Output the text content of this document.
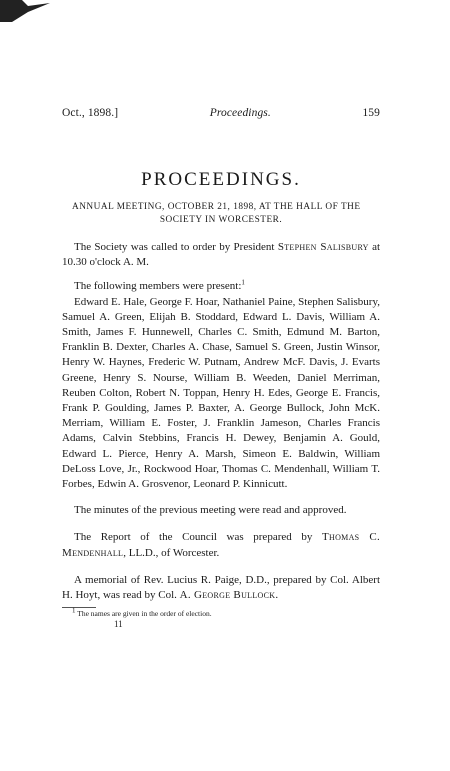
Oct., 1898.]	Proceedings.	159
PROCEEDINGS.
ANNUAL MEETING, OCTOBER 21, 1898, AT THE HALL OF THE
SOCIETY IN WORCESTER.

The Society was called to order by President Stephen Salisbury at 10.30 o'clock A. M.

The following members were present:$^1$

Edward E. Hale, George F. Hoar, Nathaniel Paine, Stephen Salisbury, Samuel A. Green, Elijah B. Stoddard, Edward L. Davis, William A. Smith, James F. Hunnewell, Charles C. Smith, Edmund M. Barton, Franklin B. Dexter, Charles A. Chase, Samuel S. Green, Justin Winsor, Henry W. Haynes, Frederic W. Putnam, Andrew McF. Davis, J. Evarts Greene, Henry S. Nourse, William B. Weeden, Daniel Merriman, Reuben Colton, Robert N. Toppan, Henry H. Edes, George E. Francis, Frank P. Goulding, James P. Baxter, A. George Bullock, John McK. Merriam, William E. Foster, J. Franklin Jameson, Charles Francis Adams, Calvin Stebbins, Francis H. Dewey, Benjamin A. Gould, Edward L. Pierce, Henry A. Marsh, Simeon E. Baldwin, William DeLoss Love, Jr., Rockwood Hoar, Thomas C. Mendenhall, William T. Forbes, Edwin A. Grosvenor, Leonard P. Kinnicutt.

The minutes of the previous meeting were read and approved.

The Report of the Council was prepared by Thomas C. Mendenhall, LL.D., of Worcester.

A memorial of Rev. Lucius R. Paige, D.D., prepared by Col. Albert H. Hoyt, was read by Col. A. George Bullock.

$^1$ The names are given in the order of election.
11
